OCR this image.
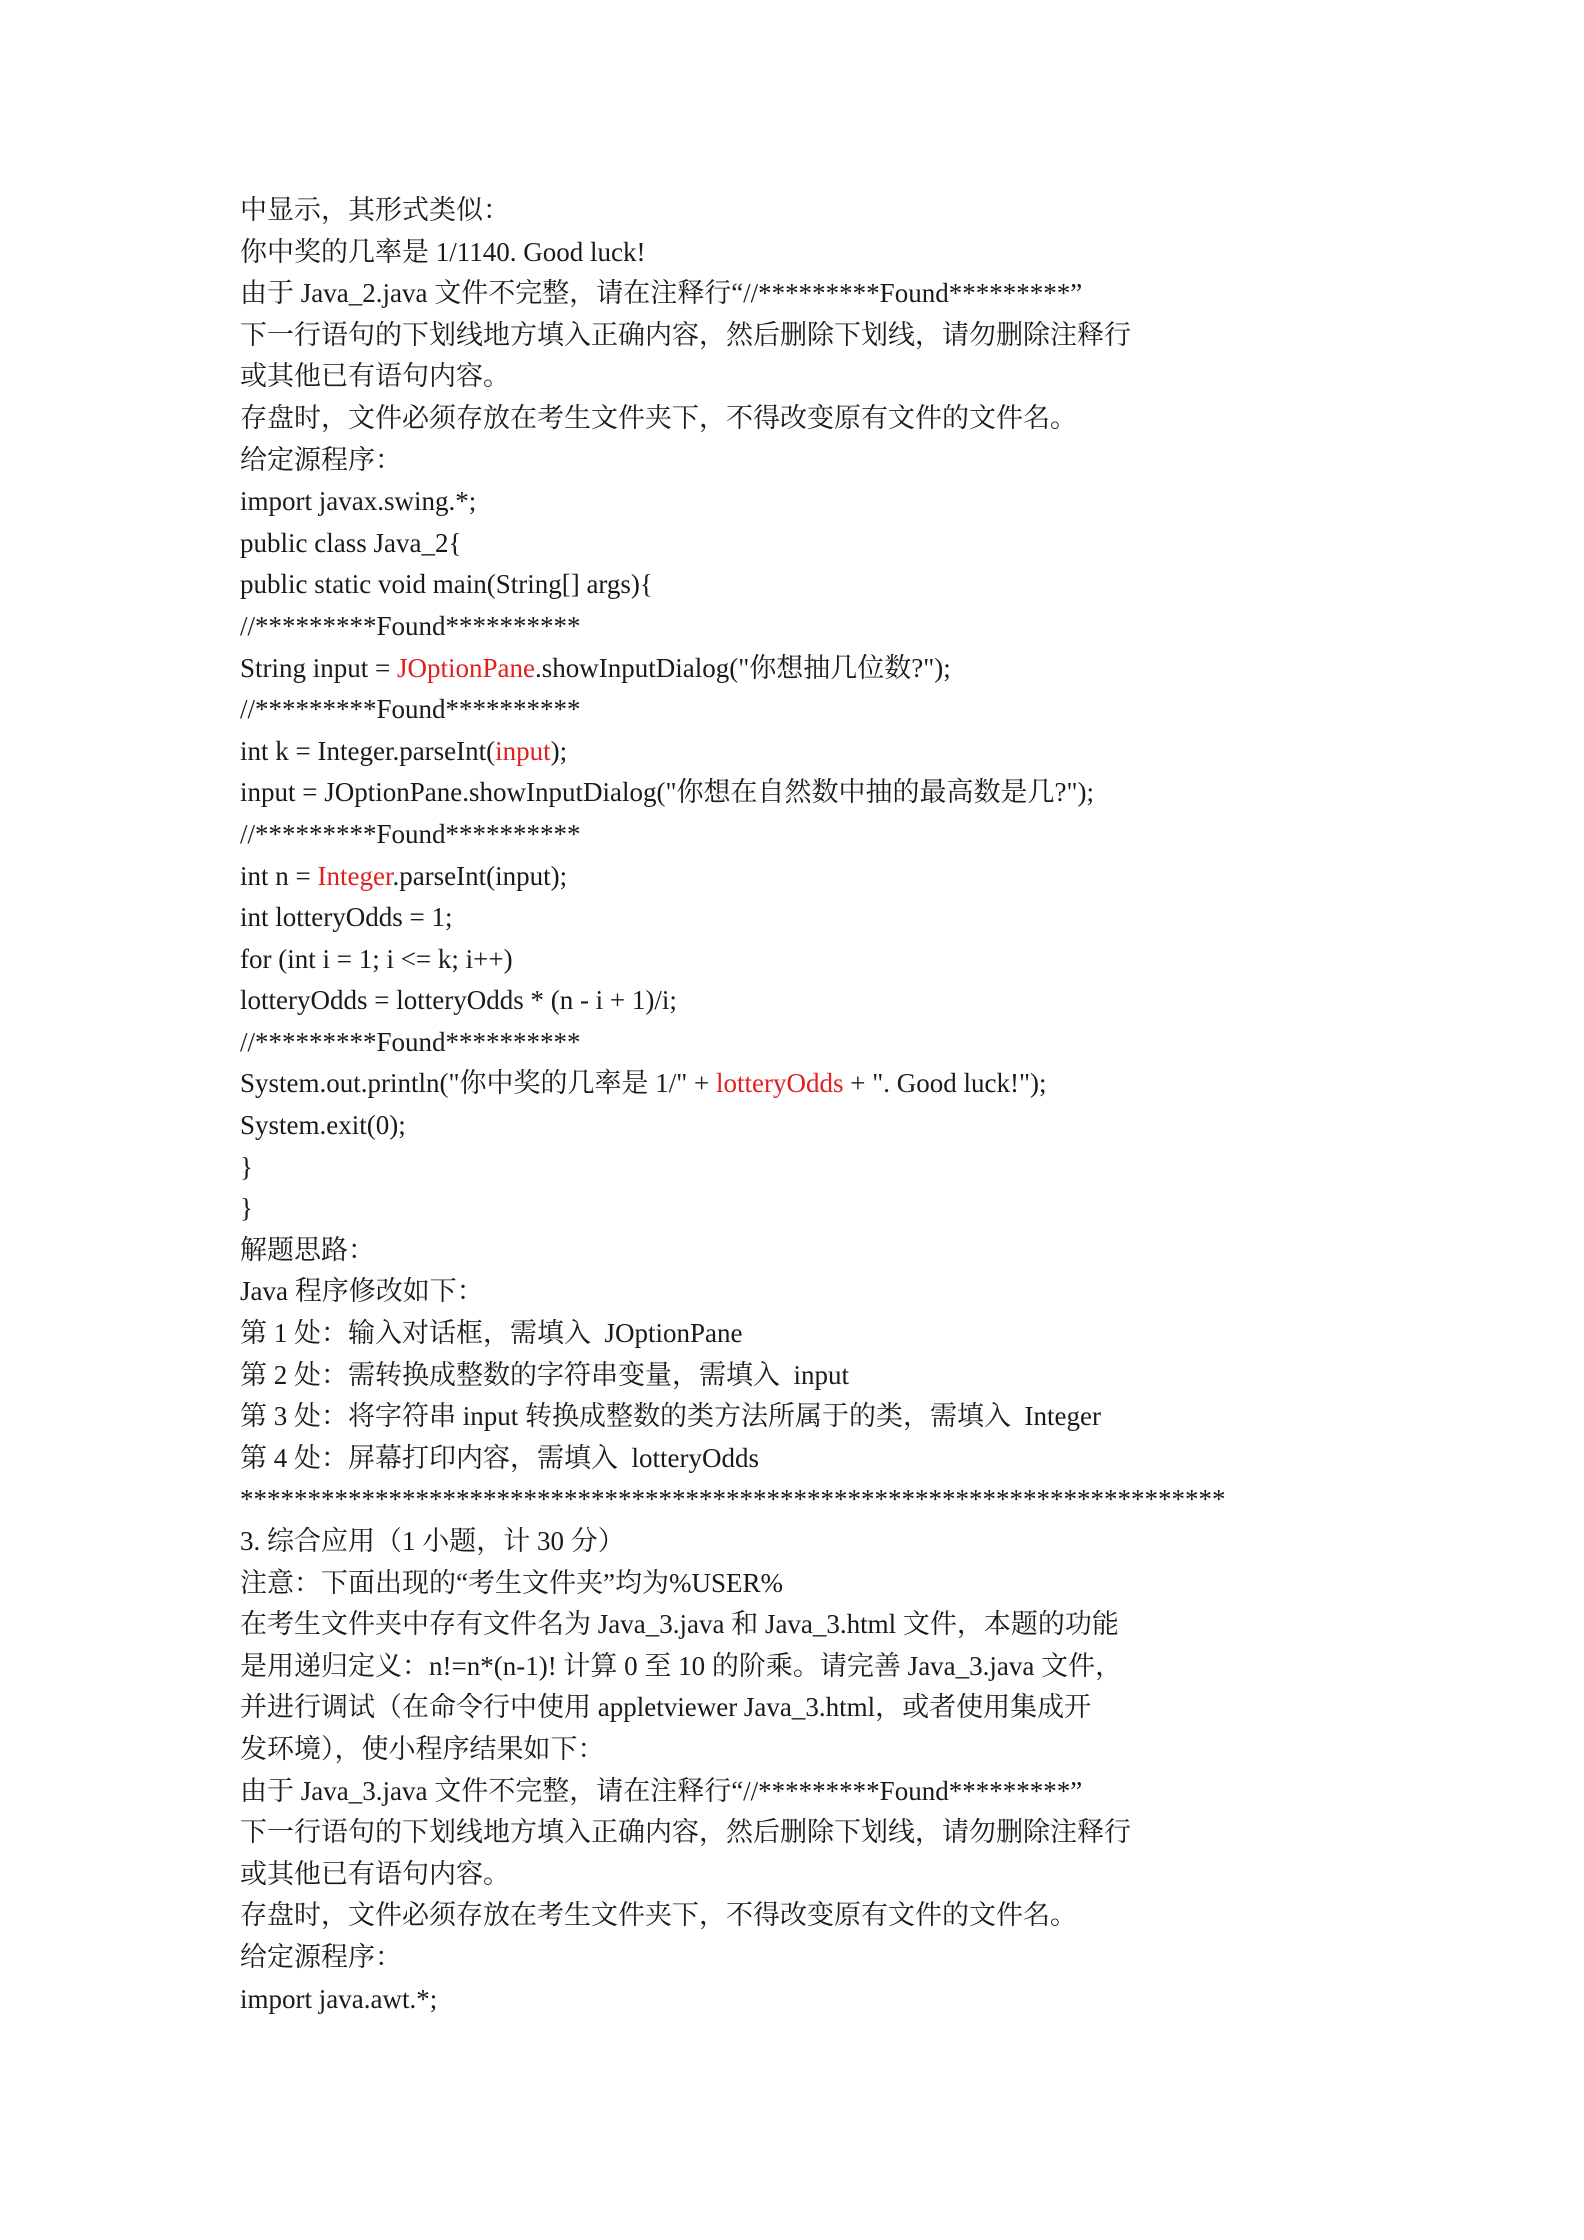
中显示，其形式类似：
你中奖的几率是 1/1140. Good luck!
由于 Java_2.java 文件不完整，请在注释行“//*********Found*********”
下一行语句的下划线地方填入正确内容，然后删除下划线，请勿删除注释行
或其他已有语句内容。
存盘时，文件必须存放在考生文件夹下，不得改变原有文件的文件名。
给定源程序：
import javax.swing.*;
public class Java_2{
public static void main(String[] args){
//*********Found**********
String input = JOptionPane.showInputDialog("你想抽几位数?");
//*********Found**********
int k = Integer.parseInt(input);
input = JOptionPane.showInputDialog("你想在自然数中抽的最高数是几?");
//*********Found**********
int n = Integer.parseInt(input);
int lotteryOdds = 1;
for (int i = 1; i <= k; i++)
lotteryOdds = lotteryOdds * (n - i + 1)/i;
//*********Found**********
System.out.println("你中奖的几率是 1/" + lotteryOdds + ". Good luck!");
System.exit(0);
}
}
解题思路：
Java 程序修改如下：
第 1 处：输入对话框，需填入  JOptionPane
第 2 处：需转换成整数的字符串变量，需填入  input
第 3 处：将字符串 input 转换成整数的类方法所属于的类，需填入  Integer
第 4 处：屏幕打印内容，需填入  lotteryOdds
*************************************************************************
3. 综合应用（1 小题，计 30 分）
注意：下面出现的“考生文件夹”均为%USER%
在考生文件夹中存有文件名为 Java_3.java 和 Java_3.html 文件，本题的功能
是用递归定义：n!=n*(n-1)! 计算 0 至 10 的阶乘。请完善 Java_3.java 文件，
并进行调试（在命令行中使用 appletviewer Java_3.html，或者使用集成开
发环境），使小程序结果如下：
由于 Java_3.java 文件不完整，请在注释行“//*********Found*********”
下一行语句的下划线地方填入正确内容，然后删除下划线，请勿删除注释行
或其他已有语句内容。
存盘时，文件必须存放在考生文件夹下，不得改变原有文件的文件名。
给定源程序：
import java.awt.*;
